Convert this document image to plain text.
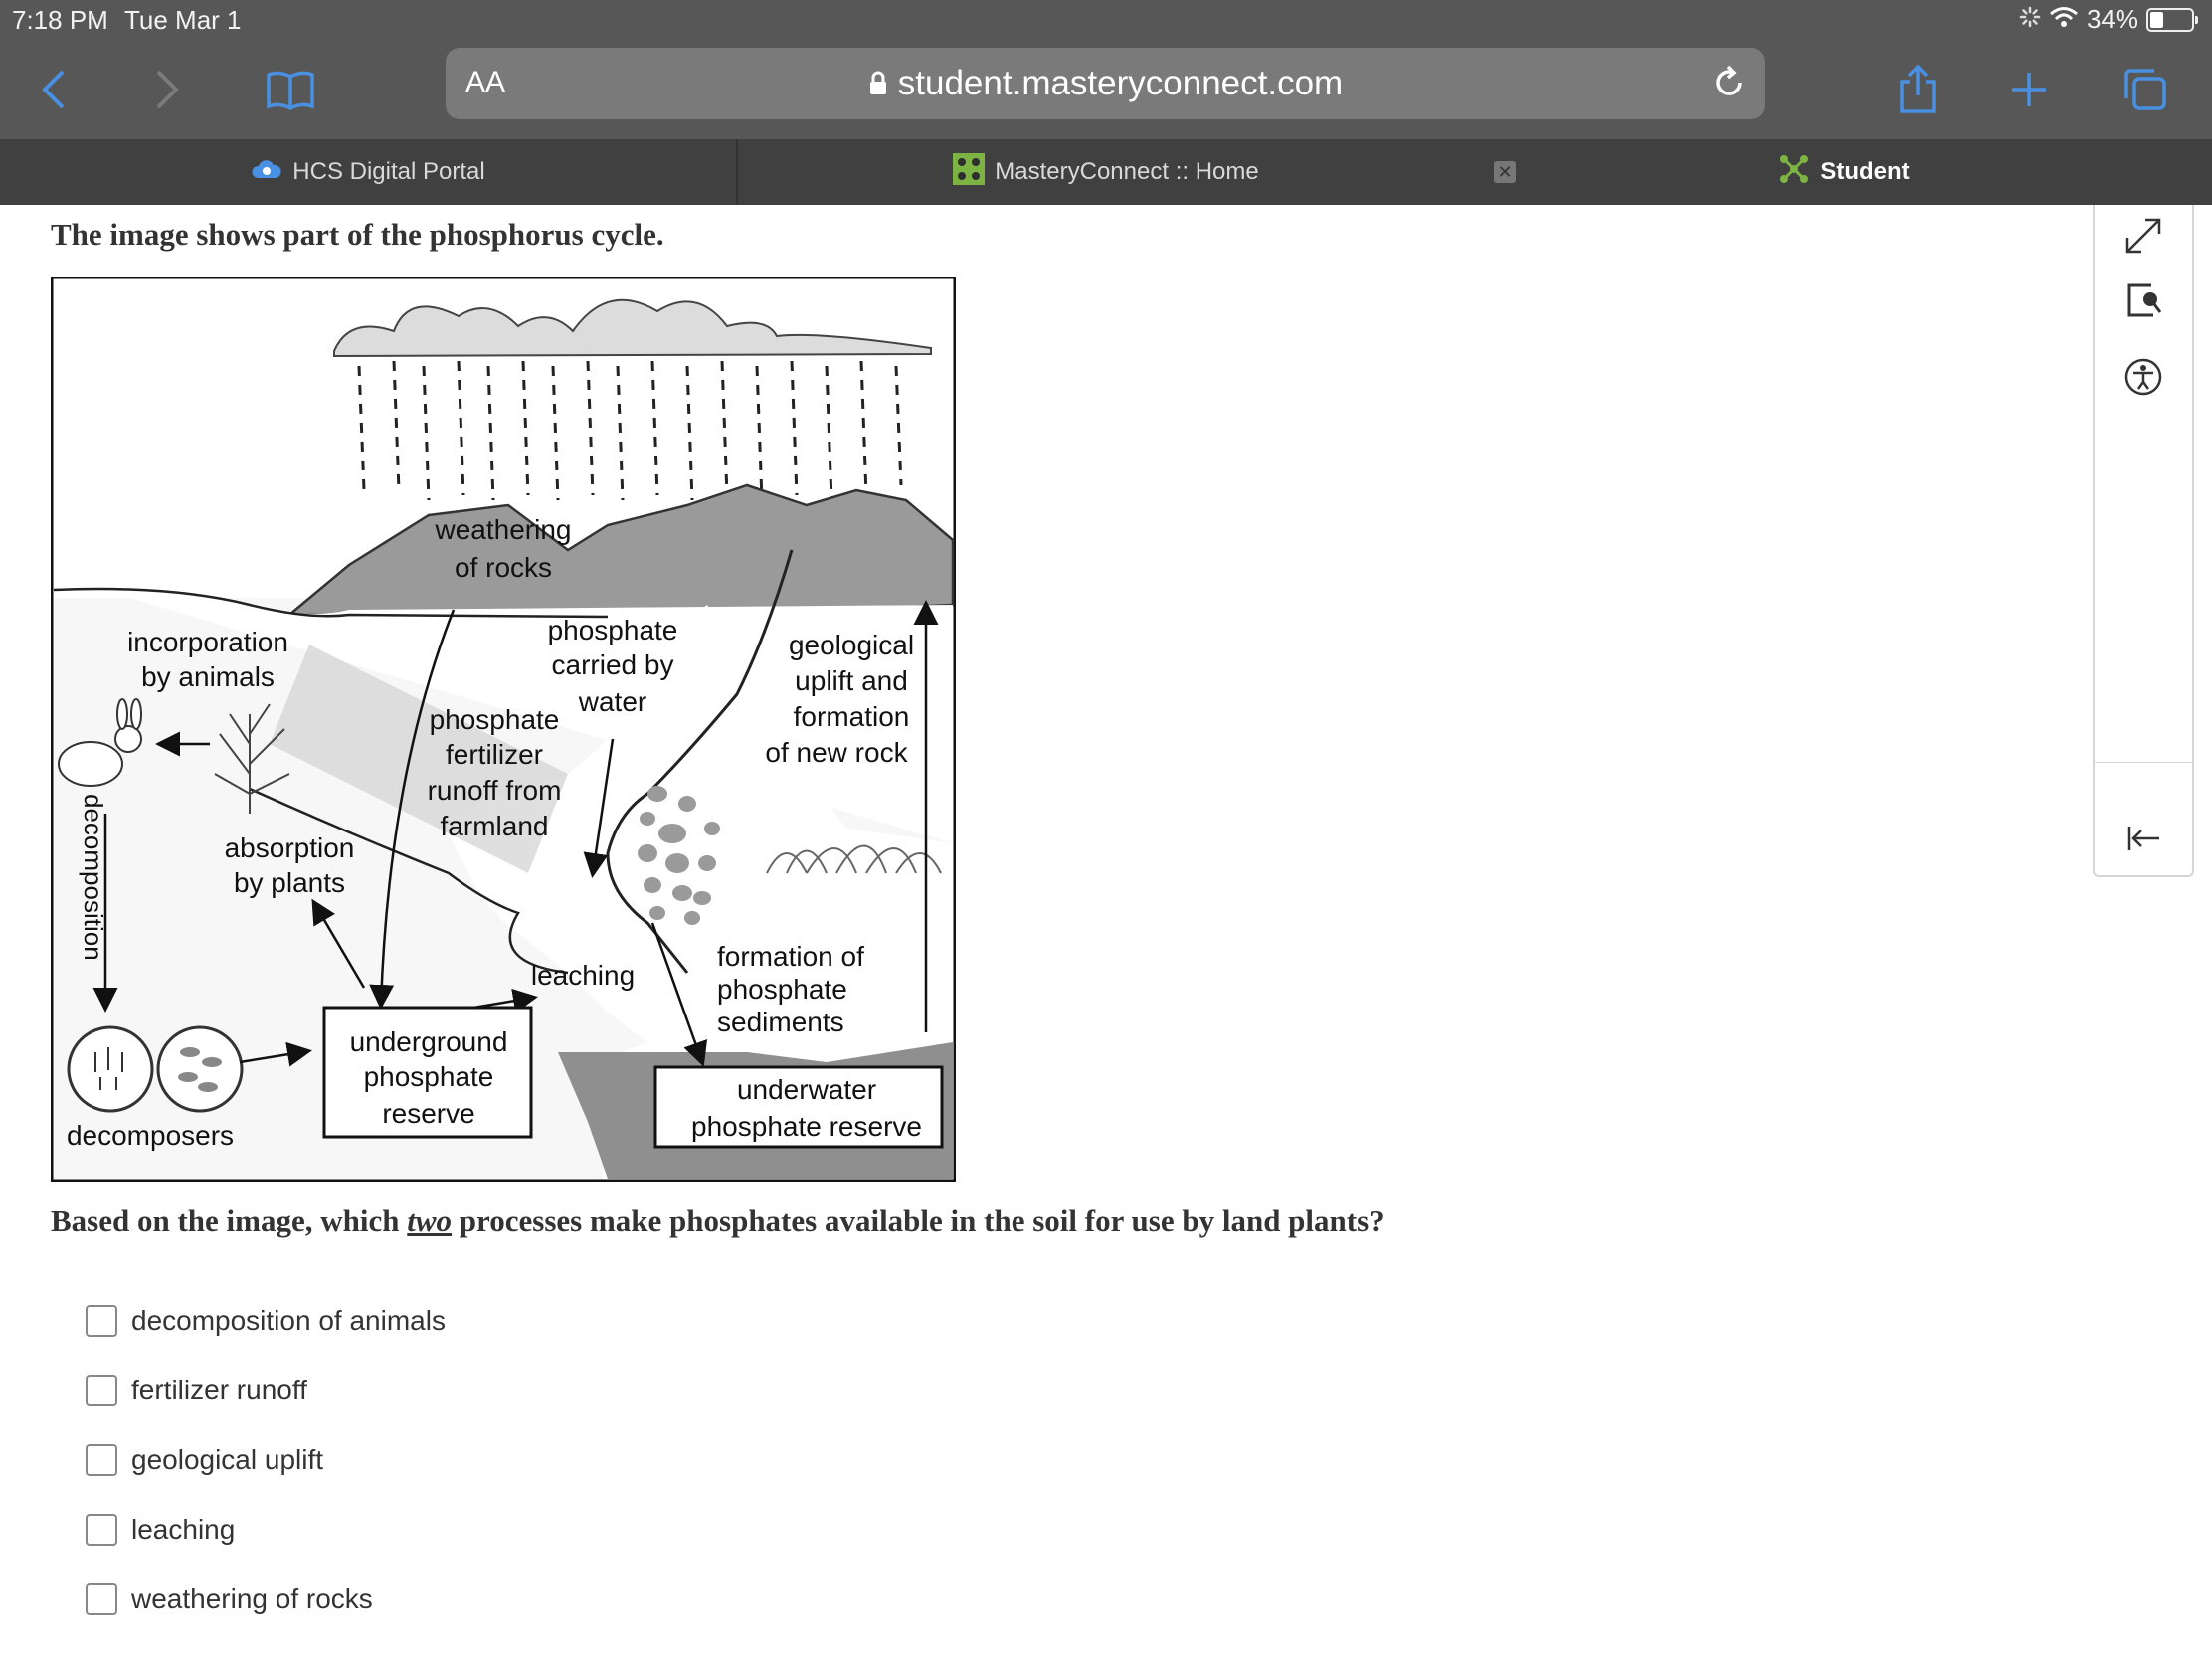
7:18 PM Tue Mar 1	34%
AA	student.masteryconnect.com
HCS Digital Portal	MasteryConnect :: Home	✕	Student
The image shows part of the phosphorus cycle.
weathering
of rocks
phosphate
carried by
water
geological
uplift and
formation
of new rock
incorporation
by animals
phosphate
fertilizer
runoff from
farmland
absorption
by plants
leaching
underground
phosphate
reserve
underwater
phosphate reserve
decomposers
formation of
phosphate
sediments
decomposition
Based on the image, which two processes make phosphates available in the soil for use by land plants?
decomposition of animals
fertilizer runoff
geological uplift
leaching
weathering of rocks
